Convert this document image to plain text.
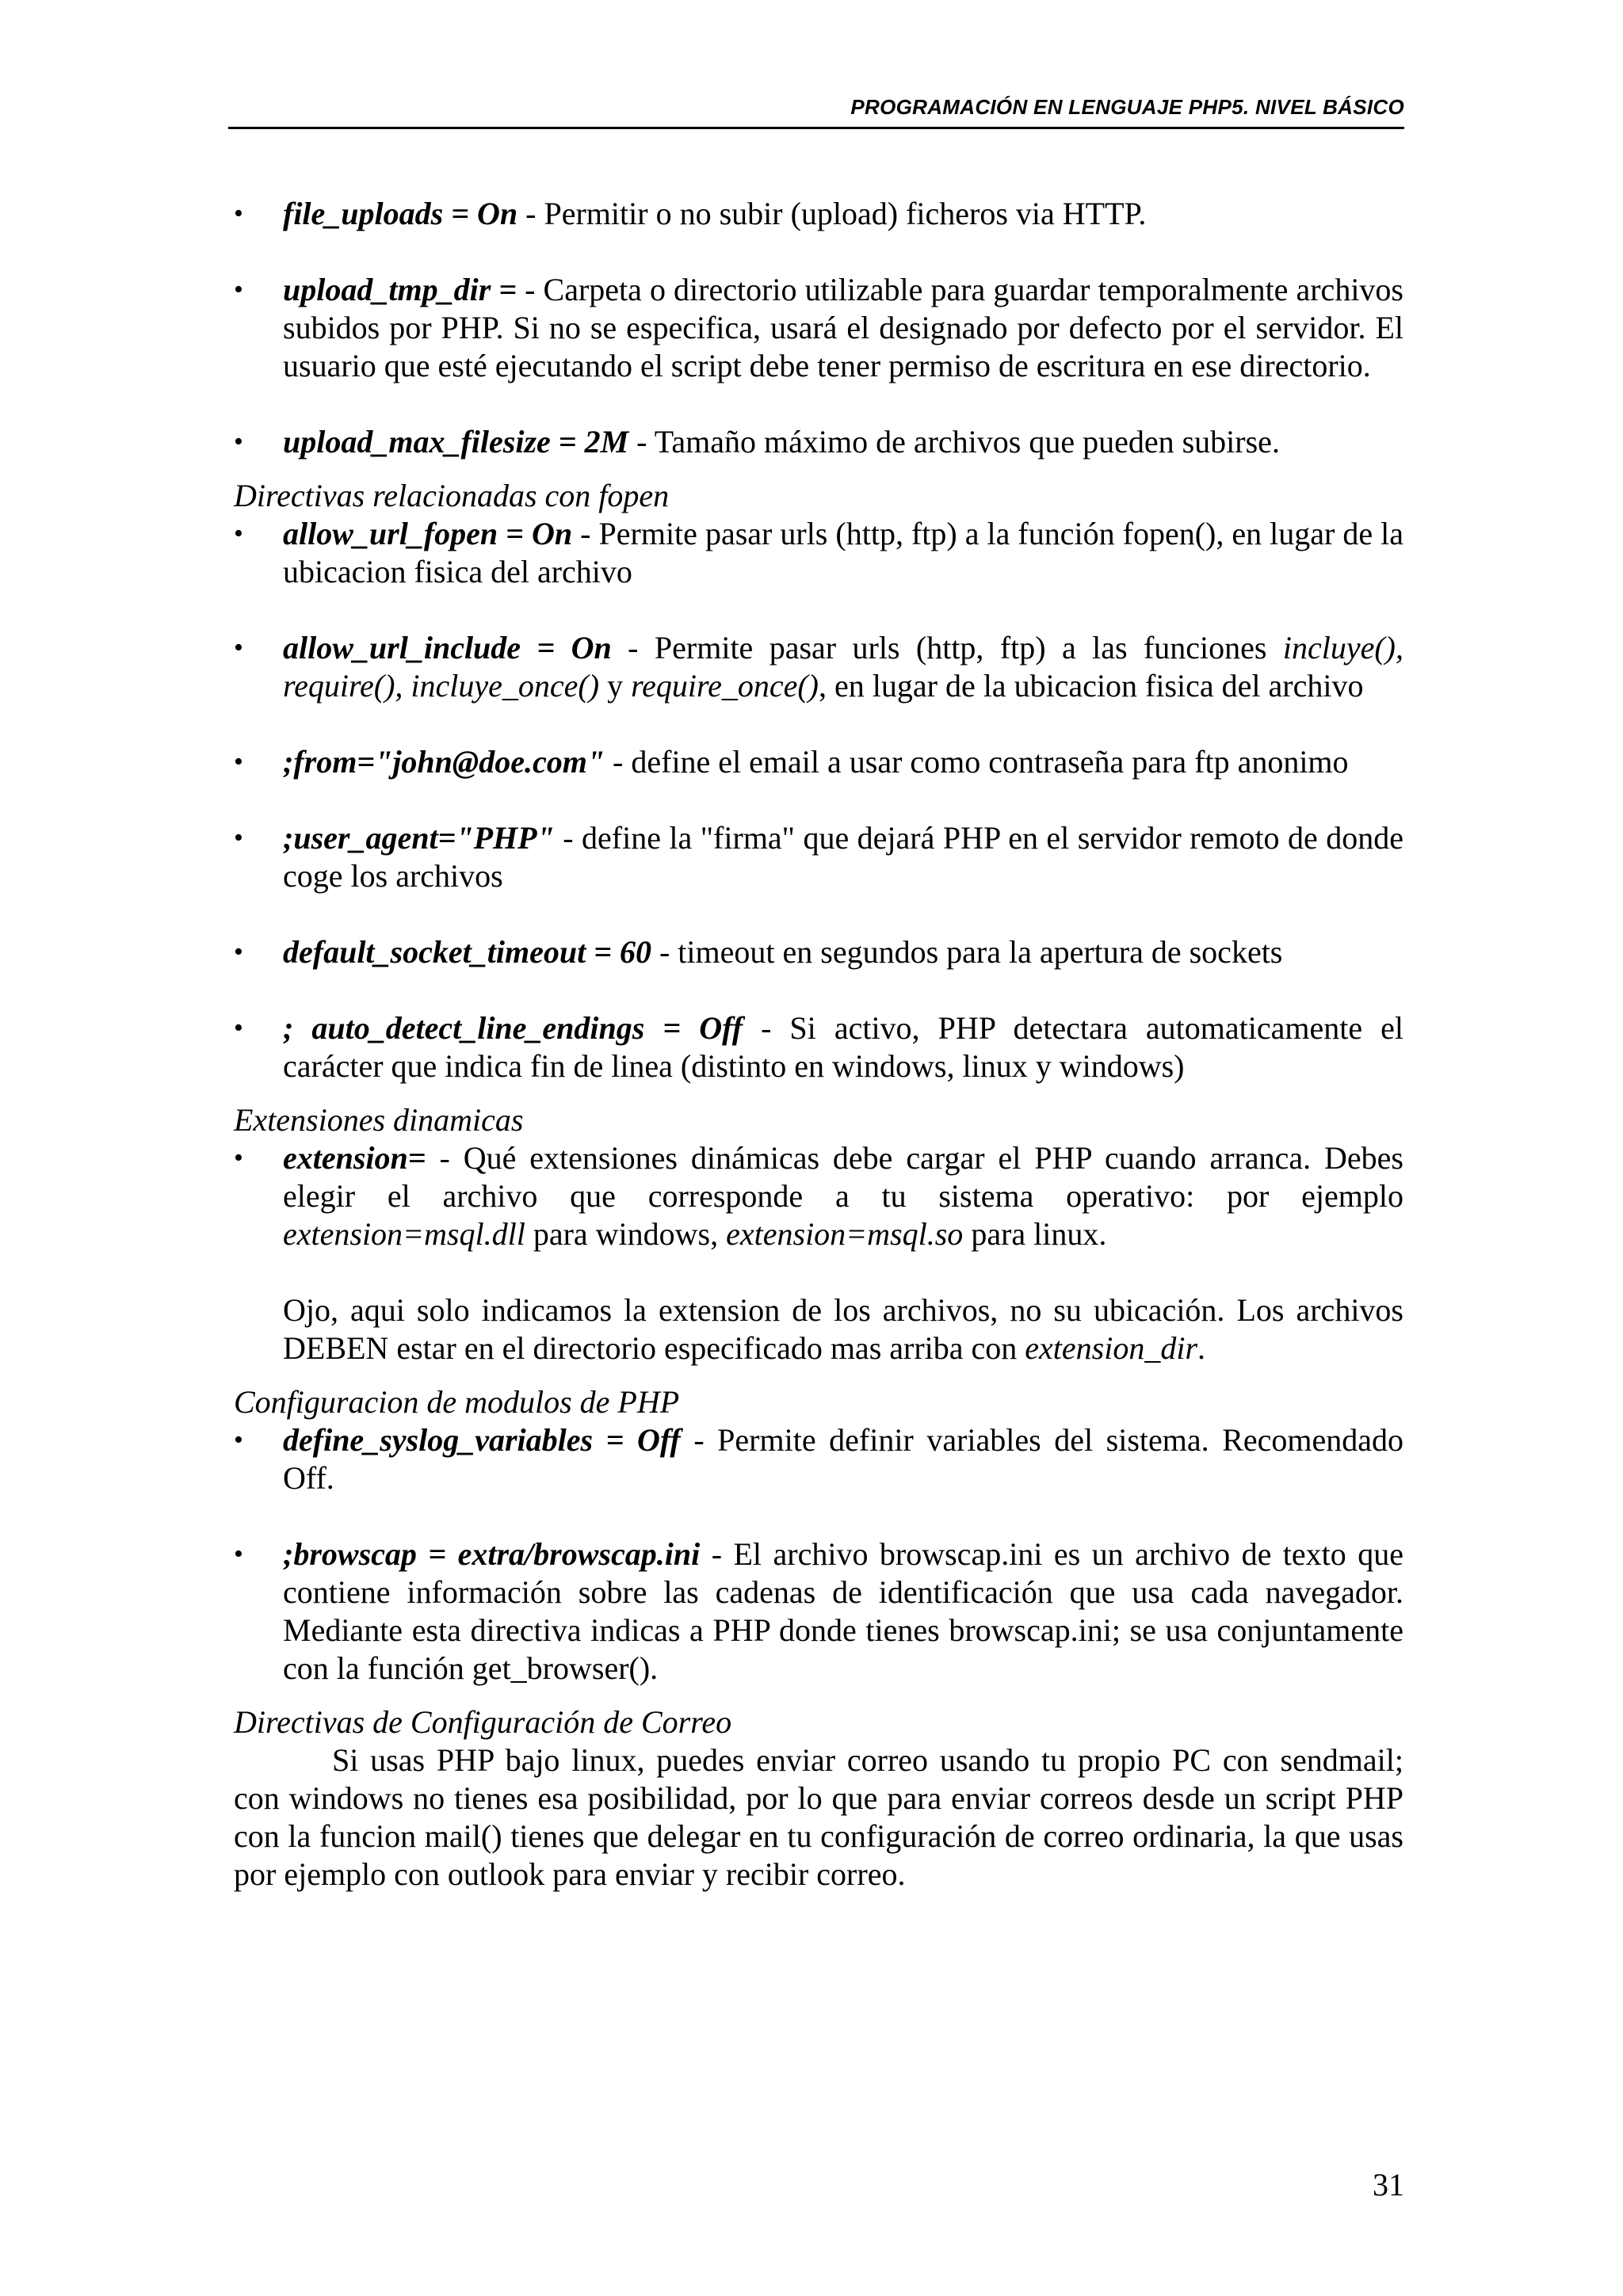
PROGRAMACIÓN EN LENGUAJE PHP5. NIVEL BÁSICO
• file_uploads = On - Permitir o no subir (upload) ficheros via HTTP.
• upload_tmp_dir = - Carpeta o directorio utilizable para guardar temporalmente archivos subidos por PHP. Si no se especifica, usará el designado por defecto por el servidor. El usuario que esté ejecutando el script debe tener permiso de escritura en ese directorio.
• upload_max_filesize = 2M - Tamaño máximo de archivos que pueden subirse.
Directivas relacionadas con fopen
• allow_url_fopen = On - Permite pasar urls (http, ftp) a la función fopen(), en lugar de la ubicacion fisica del archivo
• allow_url_include = On - Permite pasar urls (http, ftp) a las funciones incluye(), require(), incluye_once() y require_once(), en lugar de la ubicacion fisica del archivo
• ;from="john@doe.com" - define el email a usar como contraseña para ftp anonimo
• ;user_agent="PHP" - define la "firma" que dejará PHP en el servidor remoto de donde coge los archivos
• default_socket_timeout = 60 - timeout en segundos para la apertura de sockets
• ; auto_detect_line_endings = Off - Si activo, PHP detectara automaticamente el carácter que indica fin de linea (distinto en windows, linux y windows)
Extensiones dinamicas
• extension= - Qué extensiones dinámicas debe cargar el PHP cuando arranca. Debes elegir el archivo que corresponde a tu sistema operativo: por ejemplo extension=msql.dll para windows, extension=msql.so para linux.
Ojo, aqui solo indicamos la extension de los archivos, no su ubicación. Los archivos DEBEN estar en el directorio especificado mas arriba con extension_dir.
Configuracion de modulos de PHP
• define_syslog_variables = Off - Permite definir variables del sistema. Recomendado Off.
• ;browscap = extra/browscap.ini - El archivo browscap.ini es un archivo de texto que contiene información sobre las cadenas de identificación que usa cada navegador. Mediante esta directiva indicas a PHP donde tienes browscap.ini; se usa conjuntamente con la función get_browser().
Directivas de Configuración de Correo
Si usas PHP bajo linux, puedes enviar correo usando tu propio PC con sendmail; con windows no tienes esa posibilidad, por lo que para enviar correos desde un script PHP con la funcion mail() tienes que delegar en tu configuración de correo ordinaria, la que usas por ejemplo con outlook para enviar y recibir correo.
31
